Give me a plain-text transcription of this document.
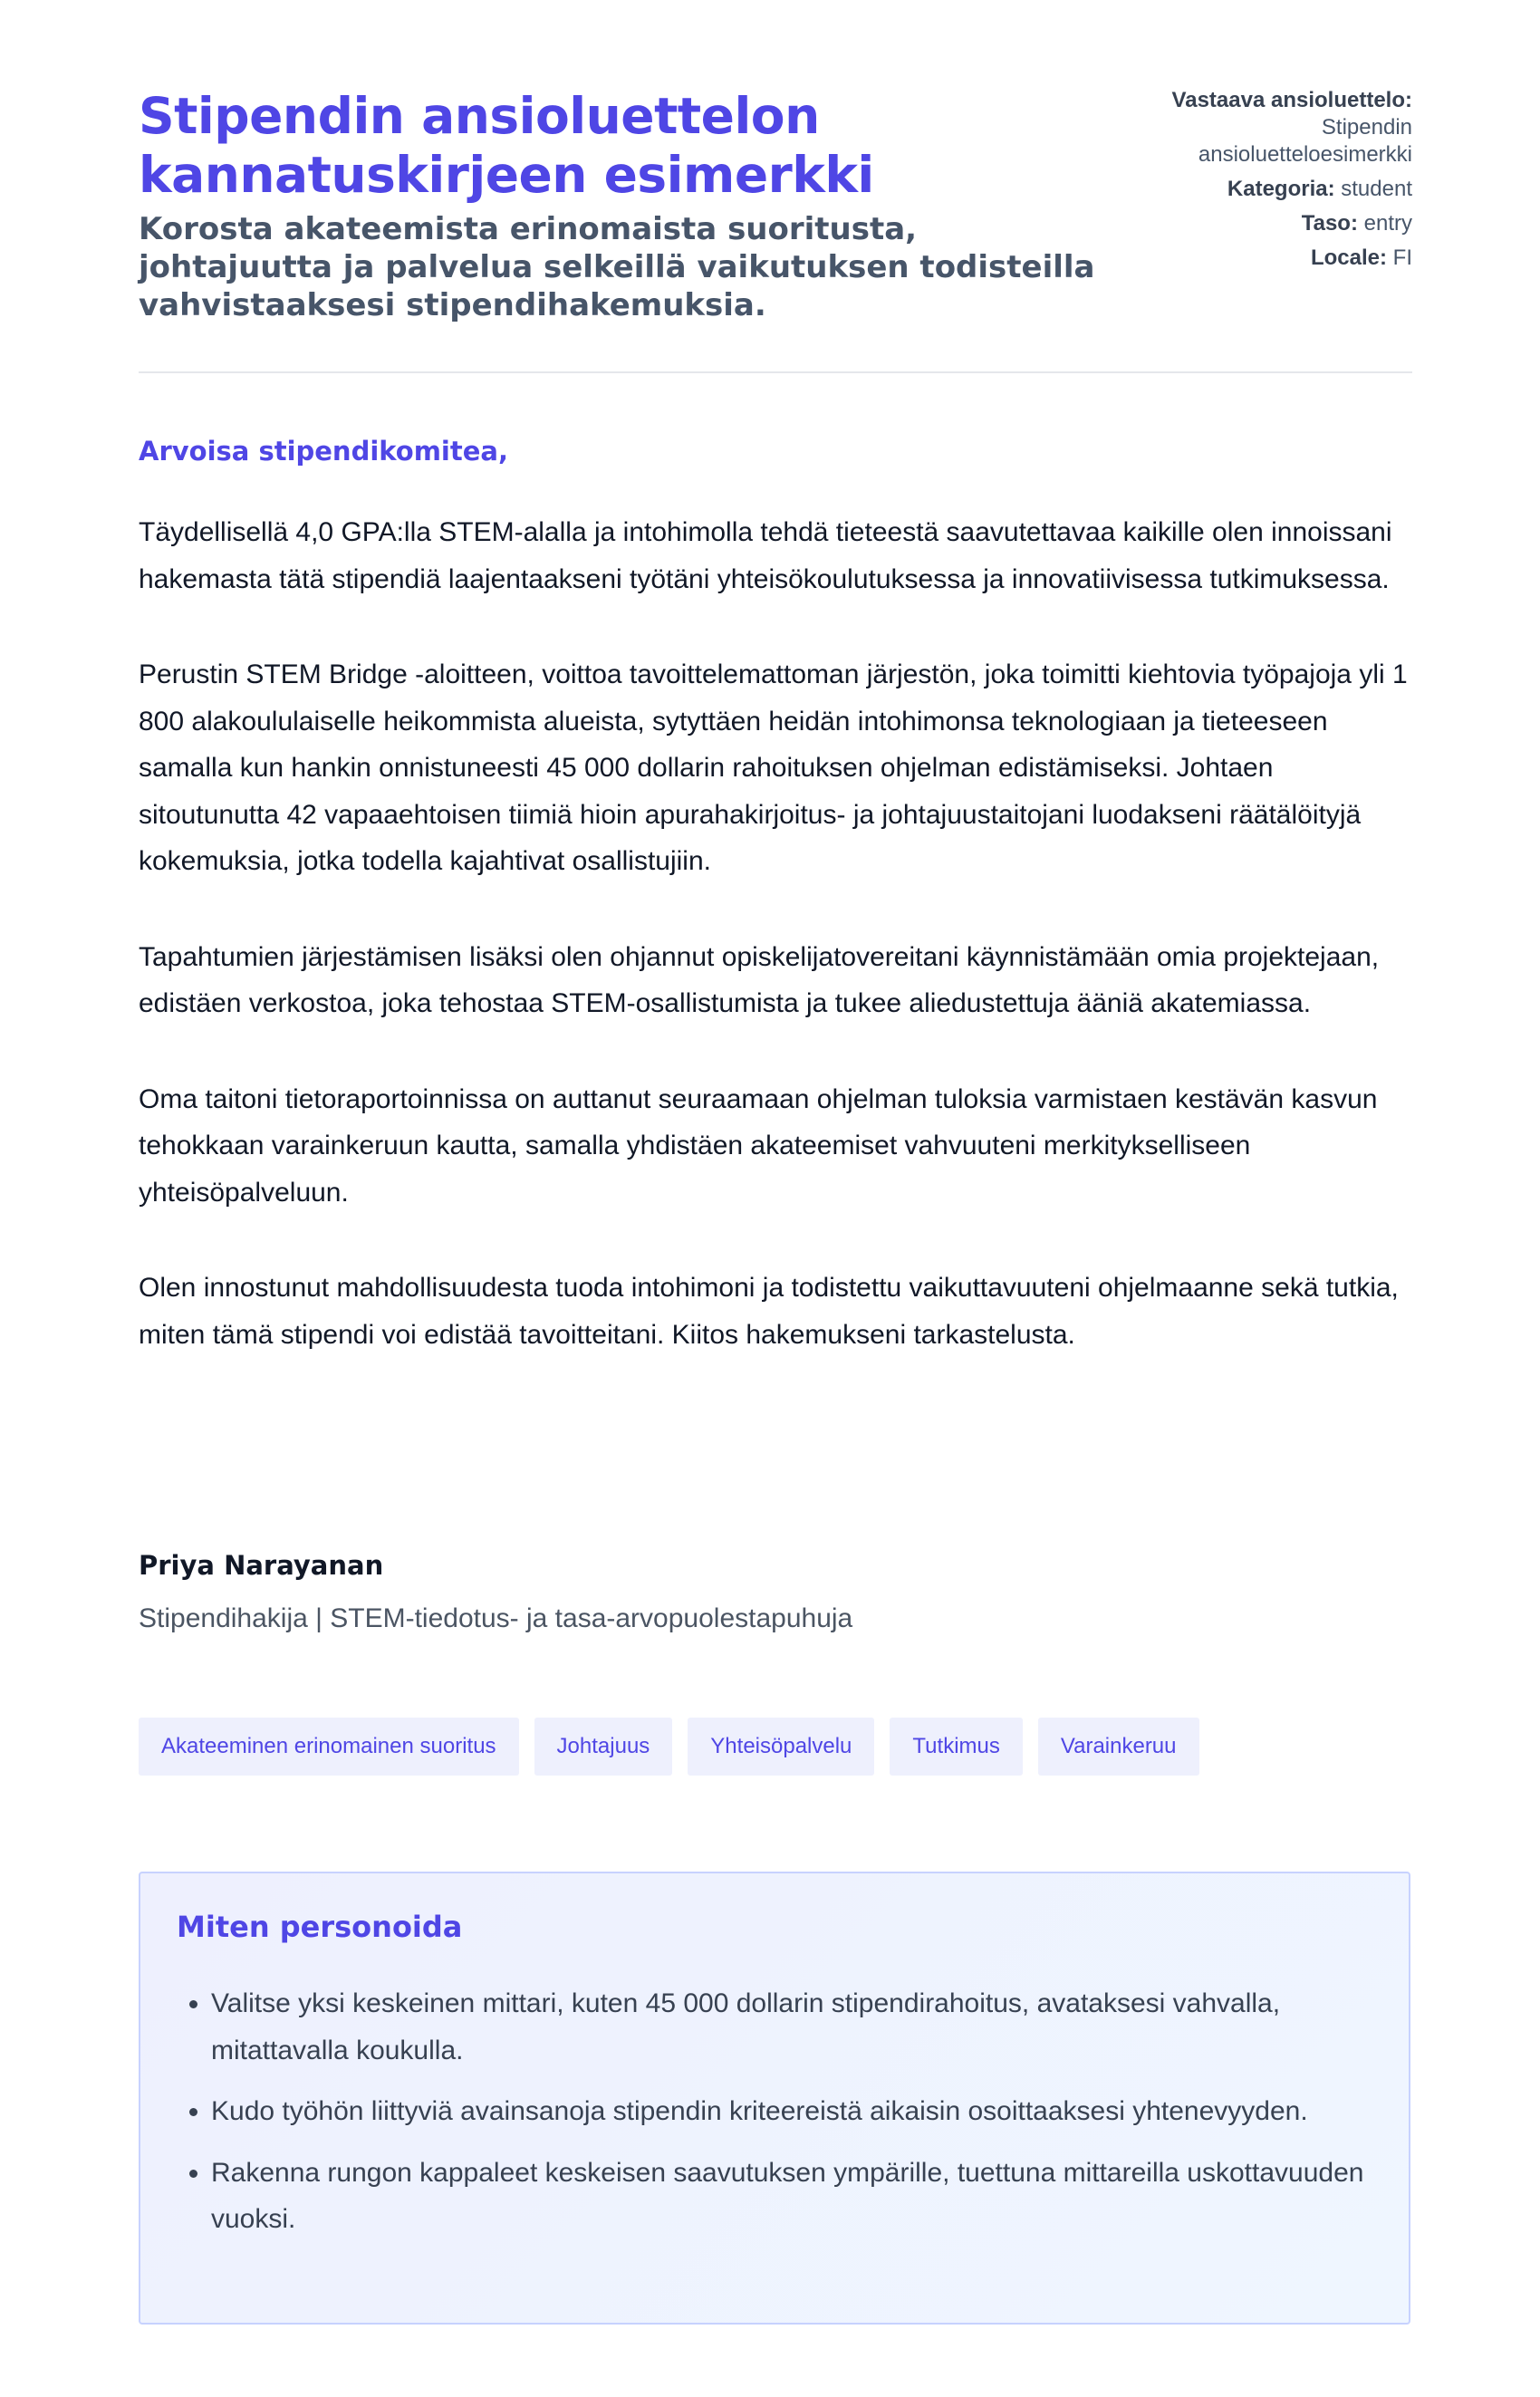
Stipendin ansioluettelon kannatuskirjeen esimerkki

Korosta akateemista erinomaista suoritusta, johtajuutta ja palvelua selkeillä vaikutuksen todisteilla vahvistaaksesi stipendihakemuksia.

Vastaava ansioluettelo:
Stipendin ansioluetteloesimerkki
Kategoria: student
Taso: entry
Locale: FI

Arvoisa stipendikomitea,

Täydellisellä 4,0 GPA:lla STEM-alalla ja intohimolla tehdä tieteestä saavutettavaa kaikille olen innoissani hakemasta tätä stipendiä laajentaakseni työtäni yhteisökoulutuksessa ja innovatiivisessa tutkimuksessa.

Perustin STEM Bridge -aloitteen, voittoa tavoittelemattoman järjestön, joka toimitti kiehtovia työpajoja yli 1 800 alakoululaiselle heikommista alueista, sytyttäen heidän intohimonsa teknologiaan ja tieteeseen samalla kun hankin onnistuneesti 45 000 dollarin rahoituksen ohjelman edistämiseksi. Johtaen sitoutunutta 42 vapaaehtoisen tiimiä hioin apurahakirjoitus- ja johtajuustaitojani luodakseni räätälöityjä kokemuksia, jotka todella kajahtivat osallistujiin.

Tapahtumien järjestämisen lisäksi olen ohjannut opiskelijatovereitani käynnistämään omia projektejaan, edistäen verkostoa, joka tehostaa STEM-osallistumista ja tukee aliedustettuja ääniä akatemiassa.

Oma taitoni tietoraportoinnissa on auttanut seuraamaan ohjelman tuloksia varmistaen kestävän kasvun tehokkaan varainkeruun kautta, samalla yhdistäen akateemiset vahvuuteni merkitykselliseen yhteisöpalveluun.

Olen innostunut mahdollisuudesta tuoda intohimoni ja todistettu vaikuttavuuteni ohjelmaanne sekä tutkia, miten tämä stipendi voi edistää tavoitteitani. Kiitos hakemukseni tarkastelusta.

Priya Narayanan

Stipendihakija | STEM-tiedotus- ja tasa-arvopuolestapuhuja

Akateeminen erinomainen suoritus	Johtajuus	Yhteisöpalvelu	Tutkimus	Varainkeruu
Miten personoida
• Valitse yksi keskeinen mittari, kuten 45 000 dollarin stipendirahoitus, avataksesi vahvalla, mitattavalla koukulla.
• Kudo työhön liittyviä avainsanoja stipendin kriteereistä aikaisin osoittaaksesi yhtenevyyden.
• Rakenna rungon kappaleet keskeisen saavutuksen ympärille, tuettuna mittareilla uskottavuuden vuoksi.
